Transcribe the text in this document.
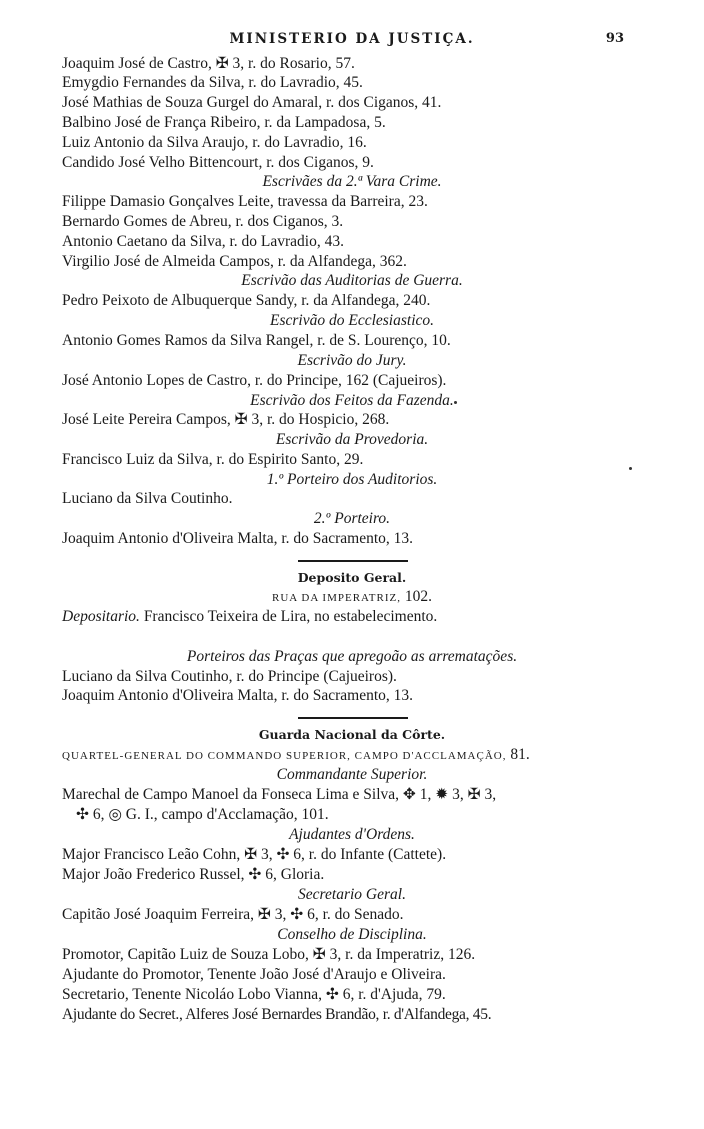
MINISTERIO DA JUSTIÇA.	93
Joaquim José de Castro, ✠ 3, r. do Rosario, 57.
Emygdio Fernandes da Silva, r. do Lavradio, 45.
José Mathias de Souza Gurgel do Amaral, r. dos Ciganos, 41.
Balbino José de França Ribeiro, r. da Lampadosa, 5.
Luiz Antonio da Silva Araujo, r. do Lavradio, 16.
Candido José Velho Bittencourt, r. dos Ciganos, 9.
Escrivães da 2.ª Vara Crime.
Filippe Damasio Gonçalves Leite, travessa da Barreira, 23.
Bernardo Gomes de Abreu, r. dos Ciganos, 3.
Antonio Caetano da Silva, r. do Lavradio, 43.
Virgilio José de Almeida Campos, r. da Alfandega, 362.
Escrivão das Auditorias de Guerra.
Pedro Peixoto de Albuquerque Sandy, r. da Alfandega, 240.
Escrivão do Ecclesiastico.
Antonio Gomes Ramos da Silva Rangel, r. de S. Lourenço, 10.
Escrivão do Jury.
José Antonio Lopes de Castro, r. do Principe, 162 (Cajueiros).
Escrivão dos Feitos da Fazenda.
José Leite Pereira Campos, ✠ 3, r. do Hospicio, 268.
Escrivão da Provedoria.
Francisco Luiz da Silva, r. do Espirito Santo, 29.
1.º Porteiro dos Auditorios.
Luciano da Silva Coutinho.
2.º Porteiro.
Joaquim Antonio d'Oliveira Malta, r. do Sacramento, 13.
Deposito Geral.
RUA DA IMPERATRIZ, 102.
Depositario. Francisco Teixeira de Lira, no estabelecimento.
Porteiros das Praças que apregoão as arrematações.
Luciano da Silva Coutinho, r. do Principe (Cajueiros).
Joaquim Antonio d'Oliveira Malta, r. do Sacramento, 13.
Guarda Nacional da Côrte.
QUARTEL-GENERAL DO COMMANDO SUPERIOR, CAMPO D'ACCLAMAÇÃO, 81.
Commandante Superior.
Marechal de Campo Manoel da Fonseca Lima e Silva, ✥ 1, ✹ 3, ✠ 3,
✣ 6, ◎ G. I., campo d'Acclamação, 101.
Ajudantes d'Ordens.
Major Francisco Leão Cohn, ✠ 3, ✣ 6, r. do Infante (Cattete).
Major João Frederico Russel, ✣ 6, Gloria.
Secretario Geral.
Capitão José Joaquim Ferreira, ✠ 3, ✣ 6, r. do Senado.
Conselho de Disciplina.
Promotor, Capitão Luiz de Souza Lobo, ✠ 3, r. da Imperatriz, 126.
Ajudante do Promotor, Tenente João José d'Araujo e Oliveira.
Secretario, Tenente Nicoláo Lobo Vianna, ✣ 6, r. d'Ajuda, 79.
Ajudante do Secret., Alferes José Bernardes Brandão, r. d'Alfandega, 45.
